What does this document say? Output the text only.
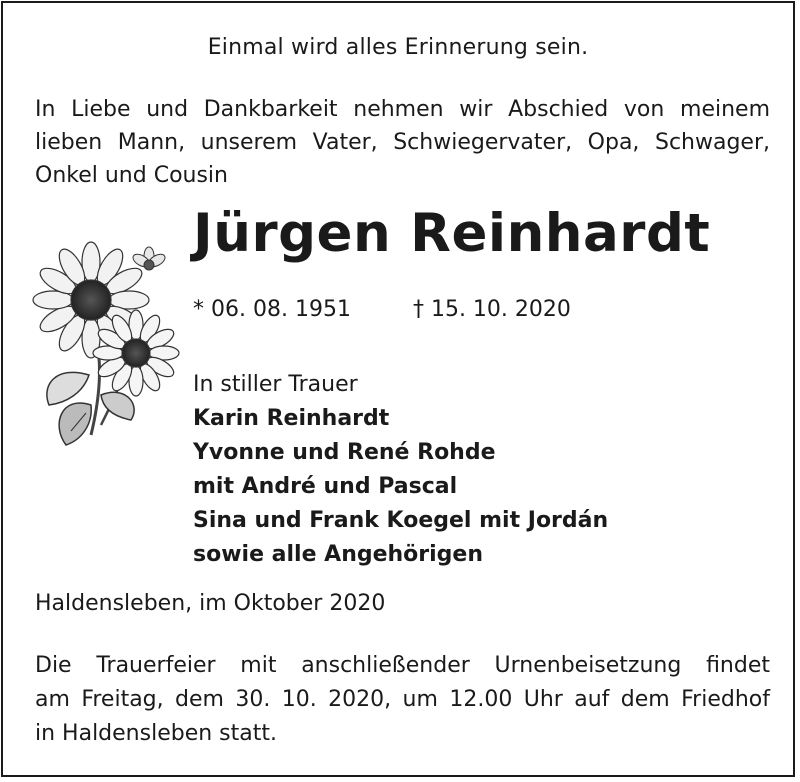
Einmal wird alles Erinnerung sein.

In Liebe und Dankbarkeit nehmen wir Abschied von meinem
lieben Mann, unserem Vater, Schwiegervater, Opa, Schwager,
Onkel und Cousin

Jürgen Reinhardt
* 06. 08. 1951	† 15. 10. 2020
In stiller Trauer
Karin Reinhardt
Yvonne und René Rohde
mit André und Pascal
Sina und Frank Koegel mit Jordán
sowie alle Angehörigen
Haldensleben, im Oktober 2020

Die Trauerfeier mit anschließender Urnenbeisetzung findet
am Freitag, dem 30. 10. 2020, um 12.00 Uhr auf dem Friedhof
in Haldensleben statt.
